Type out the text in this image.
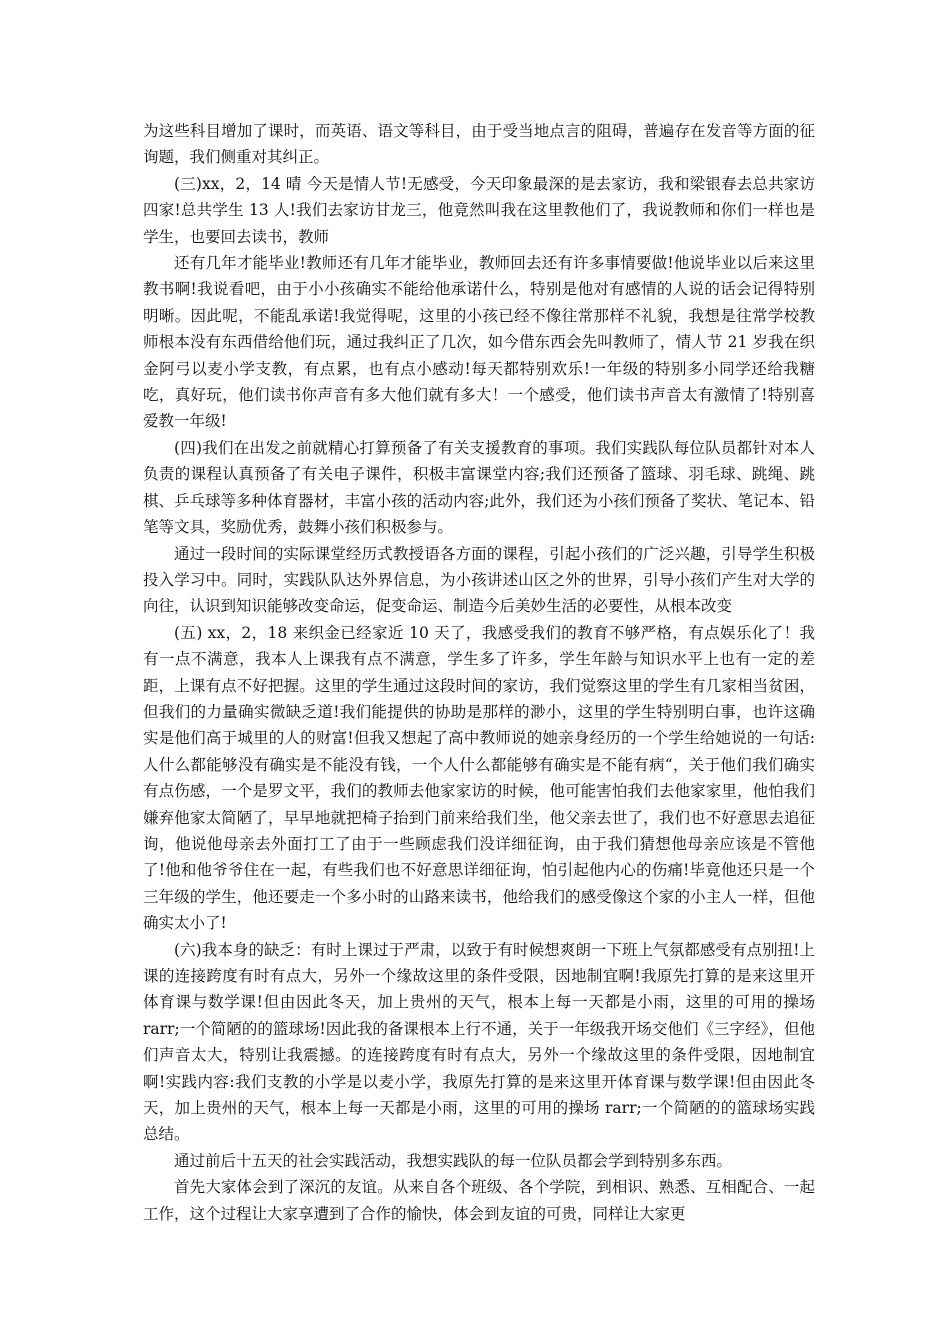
为这些科目增加了课时，而英语、语文等科目，由于受当地点言的阻碍，普遍存在发音等方面的征询题，我们侧重对其纠正。

(三)xx，2，14 晴 今天是情人节!无感受，今天印象最深的是去家访，我和梁银春去总共家访四家!总共学生 13 人!我们去家访甘龙三，他竟然叫我在这里教他们了，我说教师和你们一样也是学生，也要回去读书，教师

还有几年才能毕业!教师还有几年才能毕业，教师回去还有许多事情要做!他说毕业以后来这里教书啊!我说看吧，由于小小孩确实不能给他承诺什么，特别是他对有感情的人说的话会记得特别明晰。因此呢，不能乱承诺!我觉得呢，这里的小孩已经不像往常那样不礼貌，我想是往常学校教师根本没有东西借给他们玩，通过我纠正了几次，如今借东西会先叫教师了，情人节 21 岁我在织金阿弓以麦小学支教，有点累，也有点小感动!每天都特别欢乐!一年级的特别多小同学还给我糖吃，真好玩，他们读书你声音有多大他们就有多大！一个感受，他们读书声音太有激情了!特别喜爱教一年级!

(四)我们在出发之前就精心打算预备了有关支援教育的事项。我们实践队每位队员都针对本人负责的课程认真预备了有关电子课件，积极丰富课堂内容;我们还预备了篮球、羽毛球、跳绳、跳棋、乒乓球等多种体育器材，丰富小孩的活动内容;此外，我们还为小孩们预备了奖状、笔记本、铅笔等文具，奖励优秀，鼓舞小孩们积极参与。

通过一段时间的实际课堂经历式教授语各方面的课程，引起小孩们的广泛兴趣，引导学生积极投入学习中。同时，实践队队达外界信息，为小孩讲述山区之外的世界，引导小孩们产生对大学的向往，认识到知识能够改变命运，促变命运、制造今后美妙生活的必要性，从根本改变

(五) xx，2，18 来织金已经家近 10 天了，我感受我们的教育不够严格，有点娱乐化了！我有一点不满意，我本人上课我有点不满意，学生多了许多，学生年龄与知识水平上也有一定的差距，上课有点不好把握。这里的学生通过这段时间的家访，我们觉察这里的学生有几家相当贫困，但我们的力量确实微缺乏道!我们能提供的协助是那样的渺小，这里的学生特别明白事，也许这确实是他们高于城里的人的财富!但我又想起了高中教师说的她亲身经历的一个学生给她说的一句话:人什么都能够没有确实是不能没有钱，一个人什么都能够有确实是不能有病“，关于他们我们确实有点伤感，一个是罗文平，我们的教师去他家家访的时候，他可能害怕我们去他家家里，他怕我们嫌弃他家太简陋了，早早地就把椅子抬到门前来给我们坐，他父亲去世了，我们也不好意思去追征询，他说他母亲去外面打工了由于一些顾虑我们没详细征询，由于我们猜想他母亲应该是不管他了!他和他爷爷住在一起，有些我们也不好意思详细征询，怕引起他内心的伤痛!毕竟他还只是一个三年级的学生，他还要走一个多小时的山路来读书，他给我们的感受像这个家的小主人一样，但他确实太小了!

(六)我本身的缺乏：有时上课过于严肃，以致于有时候想爽朗一下班上气氛都感受有点别扭!上课的连接跨度有时有点大，另外一个缘故这里的条件受限，因地制宜啊!我原先打算的是来这里开体育课与数学课!但由因此冬天，加上贵州的天气，根本上每一天都是小雨，这里的可用的操场 rarr;一个简陋的的篮球场!因此我的备课根本上行不通，关于一年级我开场交他们《三字经》，但他们声音太大，特别让我震撼。的连接跨度有时有点大，另外一个缘故这里的条件受限，因地制宜啊!实践内容:我们支教的小学是以麦小学，我原先打算的是来这里开体育课与数学课!但由因此冬天，加上贵州的天气，根本上每一天都是小雨，这里的可用的操场 rarr;一个简陋的的篮球场实践总结。

通过前后十五天的社会实践活动，我想实践队的每一位队员都会学到特别多东西。

首先大家体会到了深沉的友谊。从来自各个班级、各个学院，到相识、熟悉、互相配合、一起工作，这个过程让大家享遭到了合作的愉快，体会到友谊的可贵，同样让大家更
